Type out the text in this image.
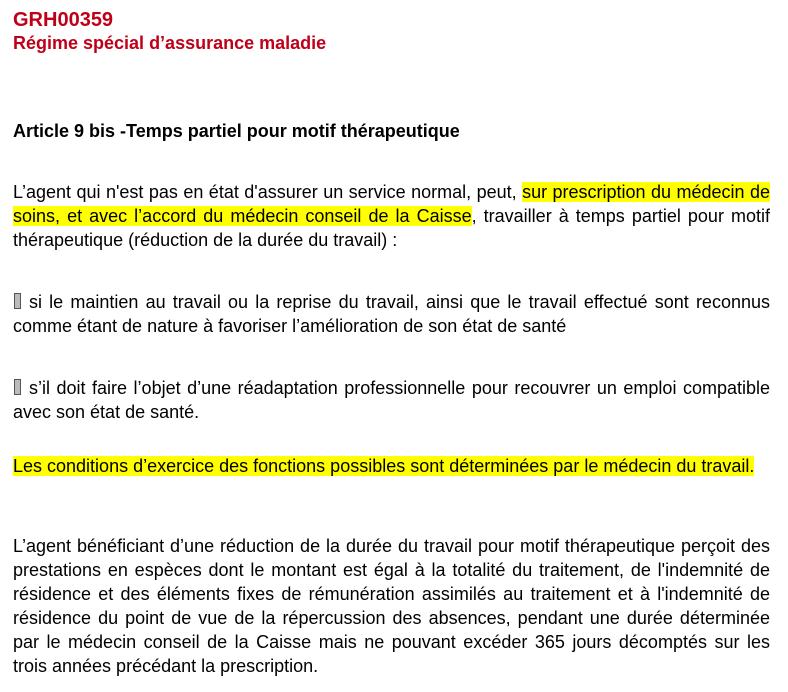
GRH00359
Régime spécial d’assurance maladie
Article 9 bis -Temps partiel pour motif thérapeutique

L’agent qui n'est pas en état d'assurer un service normal, peut, sur prescription du médecin de soins, et avec l’accord du médecin conseil de la Caisse, travailler à temps partiel pour motif thérapeutique (réduction de la durée du travail) :

si le maintien au travail ou la reprise du travail, ainsi que le travail effectué sont reconnus comme étant de nature à favoriser l’amélioration de son état de santé

s’il doit faire l’objet d’une réadaptation professionnelle pour recouvrer un emploi compatible avec son état de santé.

Les conditions d’exercice des fonctions possibles sont déterminées par le médecin du travail.

L’agent bénéficiant d’une réduction de la durée du travail pour motif thérapeutique perçoit des prestations en espèces dont le montant est égal à la totalité du traitement, de l'indemnité de résidence et des éléments fixes de rémunération assimilés au traitement et à l'indemnité de résidence du point de vue de la répercussion des absences, pendant une durée déterminée par le médecin conseil de la Caisse mais ne pouvant excéder 365 jours décomptés sur les trois années précédant la prescription.
